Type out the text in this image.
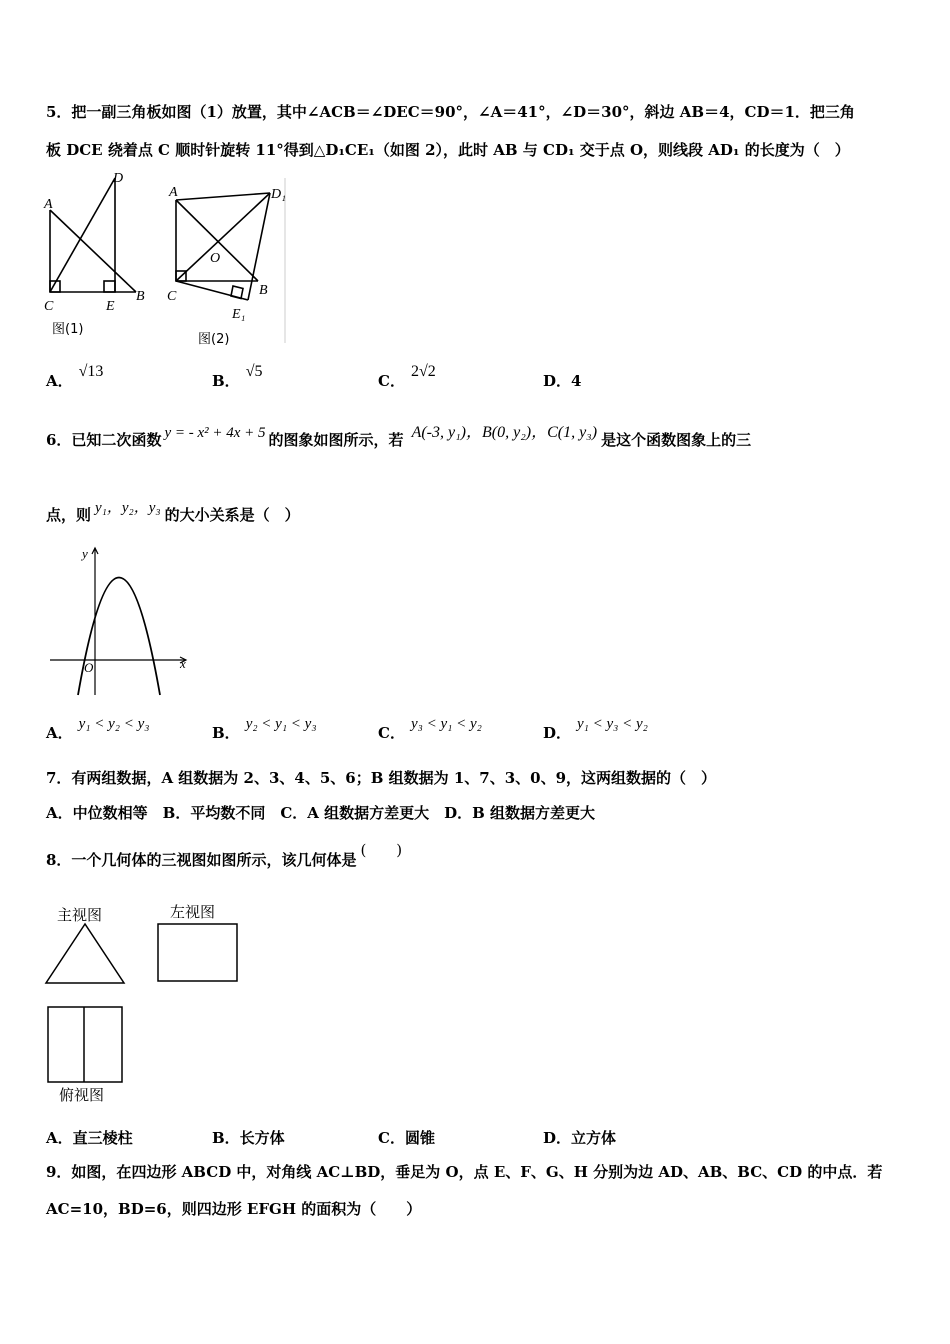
5．把一副三角板如图（1）放置，其中∠ACB＝∠DEC＝90°，∠A＝41°，∠D＝30°，斜边 AB＝4，CD＝1．把三角
板 DCE 绕着点 C 顺时针旋转 11°得到△D₁CE₁（如图 2），此时 AB 与 CD₁ 交于点 O，则线段 AD₁ 的长度为（　）
A
D
C	E
B
图(1)
A	D₁
O
C	B
E₁
图(2)
A．√13
B．√5
C．2√2
D．4
6．已知二次函数 y = - x² + 4x + 5 的图象如图所示，若 A(-3, y₁)，B(0, y₂)，C(1, y₃) 是这个函数图象上的三
点，则 y₁，y₂，y₃ 的大小关系是（　）
y
x
O
A． y₁ < y₂ < y₃	B． y₂ < y₁ < y₃	C． y₃ < y₁ < y₂	D． y₁ < y₃ < y₂
7．有两组数据，A 组数据为 2、3、4、5、6；B 组数据为 1、7、3、0、9，这两组数据的（　）
A．中位数相等　B．平均数不同　C．A 组数据方差更大　D．B 组数据方差更大
8．一个几何体的三视图如图所示，该几何体是(　　)
主视图	左视图
俯视图
A．直三棱柱	B．长方体	C．圆锥	D．立方体
9．如图，在四边形 ABCD 中，对角线 AC⊥BD，垂足为 O，点 E、F、G、H 分别为边 AD、AB、BC、CD 的中点．若
AC=10，BD=6，则四边形 EFGH 的面积为（　　）
